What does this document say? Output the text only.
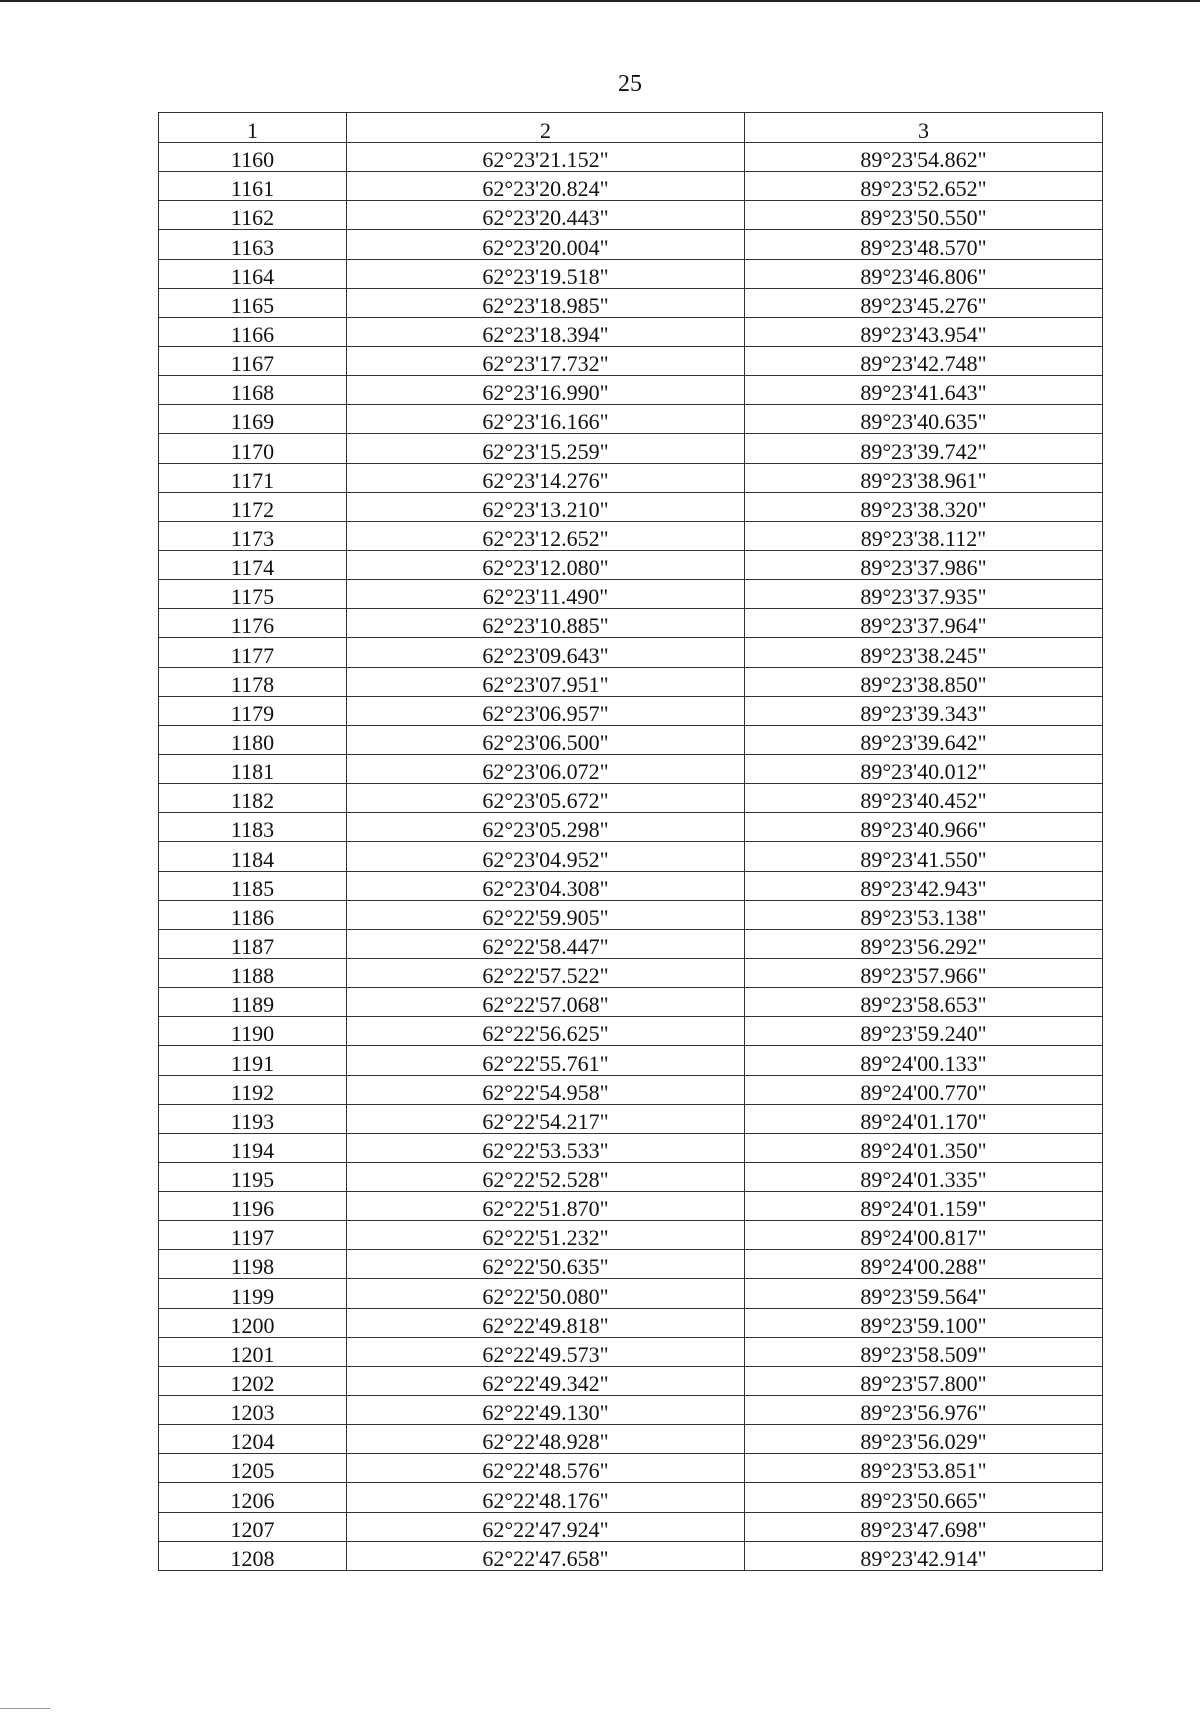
25
1	2	3
1160	62°23'21.152"	89°23'54.862"
1161	62°23'20.824"	89°23'52.652"
1162	62°23'20.443"	89°23'50.550"
1163	62°23'20.004"	89°23'48.570"
1164	62°23'19.518"	89°23'46.806"
1165	62°23'18.985"	89°23'45.276"
1166	62°23'18.394"	89°23'43.954"
1167	62°23'17.732"	89°23'42.748"
1168	62°23'16.990"	89°23'41.643"
1169	62°23'16.166"	89°23'40.635"
1170	62°23'15.259"	89°23'39.742"
1171	62°23'14.276"	89°23'38.961"
1172	62°23'13.210"	89°23'38.320"
1173	62°23'12.652"	89°23'38.112"
1174	62°23'12.080"	89°23'37.986"
1175	62°23'11.490"	89°23'37.935"
1176	62°23'10.885"	89°23'37.964"
1177	62°23'09.643"	89°23'38.245"
1178	62°23'07.951"	89°23'38.850"
1179	62°23'06.957"	89°23'39.343"
1180	62°23'06.500"	89°23'39.642"
1181	62°23'06.072"	89°23'40.012"
1182	62°23'05.672"	89°23'40.452"
1183	62°23'05.298"	89°23'40.966"
1184	62°23'04.952"	89°23'41.550"
1185	62°23'04.308"	89°23'42.943"
1186	62°22'59.905"	89°23'53.138"
1187	62°22'58.447"	89°23'56.292"
1188	62°22'57.522"	89°23'57.966"
1189	62°22'57.068"	89°23'58.653"
1190	62°22'56.625"	89°23'59.240"
1191	62°22'55.761"	89°24'00.133"
1192	62°22'54.958"	89°24'00.770"
1193	62°22'54.217"	89°24'01.170"
1194	62°22'53.533"	89°24'01.350"
1195	62°22'52.528"	89°24'01.335"
1196	62°22'51.870"	89°24'01.159"
1197	62°22'51.232"	89°24'00.817"
1198	62°22'50.635"	89°24'00.288"
1199	62°22'50.080"	89°23'59.564"
1200	62°22'49.818"	89°23'59.100"
1201	62°22'49.573"	89°23'58.509"
1202	62°22'49.342"	89°23'57.800"
1203	62°22'49.130"	89°23'56.976"
1204	62°22'48.928"	89°23'56.029"
1205	62°22'48.576"	89°23'53.851"
1206	62°22'48.176"	89°23'50.665"
1207	62°22'47.924"	89°23'47.698"
1208	62°22'47.658"	89°23'42.914"
